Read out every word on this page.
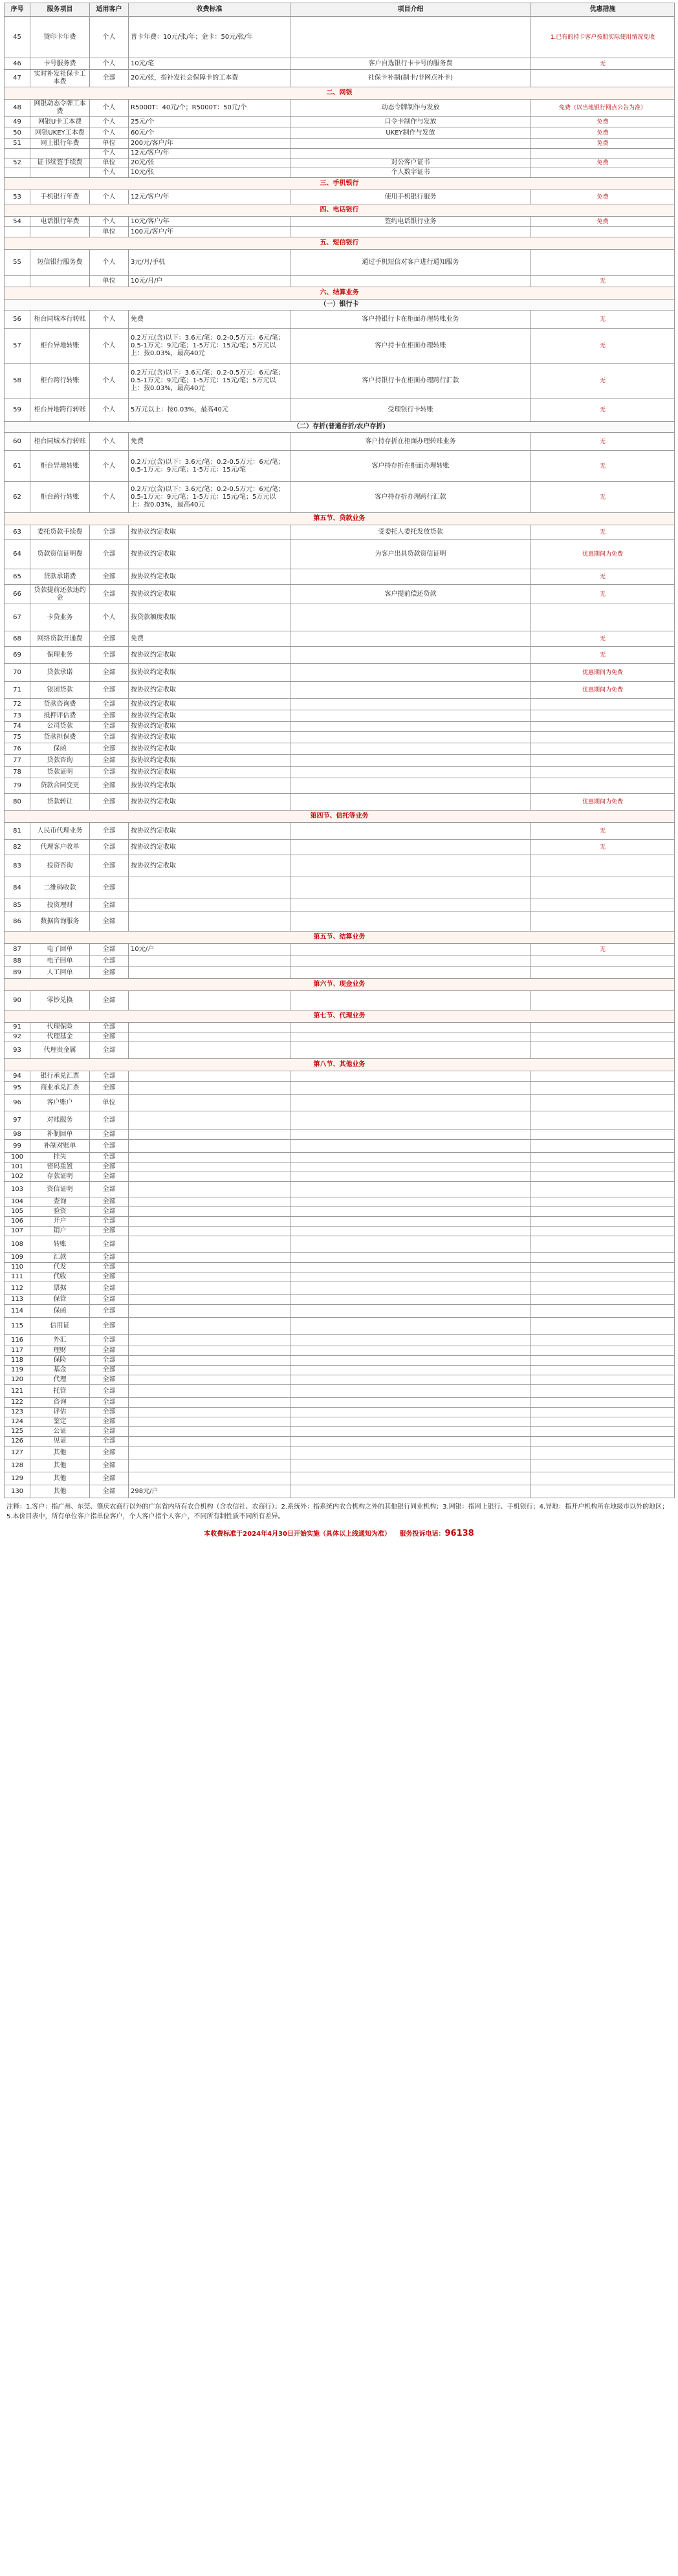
序号	服务项目	适用客户	收费标准	项目介绍	优惠措施
45	烫印卡年费	个人	普卡年费：10元/张/年；金卡：50元/张/年		1.已有的持卡客户按照实际使用情况免收
46	卡号服务费	个人	10元/笔	客户自选银行卡卡号的服务费	无
47	实时补发社保卡工本费	全部	20元/张，指补发社会保障卡的工本费	社保卡补制(制卡/非网点补卡)	
二、网银					
48	网银动态令牌工本费	个人	R5000T：40元/个；R5000T：50元/个	动态令牌制作与发放	免费（以当地银行网点公告为准）
49	网银U卡工本费	个人	25元/个	口令卡制作与发放	免费
50	网银UKEY工本费	个人	60元/个	UKEY制作与发放	免费
51	网上银行年费	单位	200元/客户/年		免费
		个人	12元/客户/年		
52	证书续签手续费	单位	20元/张	对公客户证书	免费
		个人	10元/张	个人数字证书	
三、手机银行					
53	手机银行年费	个人	12元/客户/年	使用手机银行服务	免费
四、电话银行					
54	电话银行年费	个人	10元/客户/年	签约电话银行业务	免费
		单位	100元/客户/年		
五、短信银行					
55	短信银行服务费	个人	3元/月/手机	通过手机短信对客户进行通知服务	
		单位	10元/月/户		无
六、结算业务					
（一）银行卡					
56	柜台同城本行转账	个人	免费	客户持银行卡在柜面办理转账业务	无
57	柜台异地转账	个人	0.2万元(含)以下：3.6元/笔；0.2-0.5万元：6元/笔；0.5-1万元：9元/笔；1-5万元：15元/笔；5万元以上：按0.03%，最高40元	客户持卡在柜面办理转账	无
58	柜台跨行转账	个人	0.2万元(含)以下：3.6元/笔；0.2-0.5万元：6元/笔；0.5-1万元：9元/笔；1-5万元：15元/笔；5万元以上：按0.03%，最高40元	客户持银行卡在柜面办理跨行汇款	无
59	柜台异地跨行转账	个人	5万元以上：按0.03%，最高40元	受理银行卡转账	无
（二）存折(普通存折/农户存折)					
60	柜台同城本行转账	个人	免费	客户持存折在柜面办理转账业务	无
61	柜台异地转账	个人	0.2万元(含)以下：3.6元/笔；0.2-0.5万元：6元/笔；0.5-1万元：9元/笔；1-5万元：15元/笔	客户持存折在柜面办理转账	无
62	柜台跨行转账	个人	0.2万元(含)以下：3.6元/笔；0.2-0.5万元：6元/笔；0.5-1万元：9元/笔；1-5万元：15元/笔；5万元以上：按0.03%，最高40元	客户持存折办理跨行汇款	无
第五节、贷款业务					
63	委托贷款手续费	全部	按协议约定收取	受委托人委托发放贷款	无
64	贷款资信证明费	全部	按协议约定收取	为客户出具贷款资信证明	优惠期间为免费
65	贷款承诺费	全部	按协议约定收取		无
66	贷款提前还款违约金	全部	按协议约定收取	客户提前偿还贷款	无
67	卡贷业务	个人	按贷款额度收取		
68	网络贷款开通费	全部	免费		无
69	保理业务	全部	按协议约定收取		无
70	贷款承诺	全部	按协议约定收取		优惠期间为免费
71	银团贷款	全部	按协议约定收取		优惠期间为免费
72	贷款咨询费	全部	按协议约定收取		
73	抵押评估费	全部	按协议约定收取		
74	公司贷款	全部	按协议约定收取		
75	贷款担保费	全部	按协议约定收取		
76	保函	全部	按协议约定收取		
77	贷款咨询	全部	按协议约定收取		
78	贷款证明	全部	按协议约定收取		
79	贷款合同变更	全部	按协议约定收取		
80	贷款转让	全部	按协议约定收取		优惠期间为免费
第四节、信托等业务					
81	人民币代理业务	全部	按协议约定收取		无
82	代理客户收单	全部	按协议约定收取		无
83	投资咨询	全部	按协议约定收取		
84	二维码收款	全部			
85	投资理财	全部			
86	数据咨询服务	全部			
第五节、结算业务					
87	电子回单	全部	10元/户		无
88	电子回单	全部			
89	人工回单	全部			
第六节、现金业务					
90	零钞兑换	全部			
第七节、代理业务					
91	代理保险	全部			
92	代理基金	全部			
93	代理贵金属	全部			
第八节、其他业务					
94	银行承兑汇票	全部			
95	商业承兑汇票	全部			
96	客户账户	单位			
97	对账服务	全部			
98	补制回单	全部			
99	补制对账单	全部			
100	挂失	全部			
101	密码重置	全部			
102	存款证明	全部			
103	资信证明	全部			
104	查询	全部			
105	验资	全部			
106	开户	全部			
107	销户	全部			
108	转账	全部			
109	汇款	全部			
110	代发	全部			
111	代收	全部			
112	票据	全部			
113	保管	全部			
114	保函	全部			
115	信用证	全部			
116	外汇	全部			
117	理财	全部			
118	保险	全部			
119	基金	全部			
120	代理	全部			
121	托管	全部			
122	咨询	全部			
123	评估	全部			
124	鉴定	全部			
125	公证	全部			
126	见证	全部			
127	其他	全部			
128	其他	全部			
129	其他	全部			
130	其他	全部	298元/户		
注释：1.客户：指广州、东莞、肇庆农商行以外的广东省内所有农合机构（含农信社、农商行）；2.系统外：指系统内农合机构之外的其他银行同业机构；3.网银：指网上银行、手机银行；4.异地：指开户机构所在地级市以外的地区；5.本价目表中，所有单位客户指单位客户，个人客户指个人客户，不同所有制性质不同所有差异。
本收费标准于2024年4月30日开始实施（具体以上线通知为准） 服务投诉电话：96138
